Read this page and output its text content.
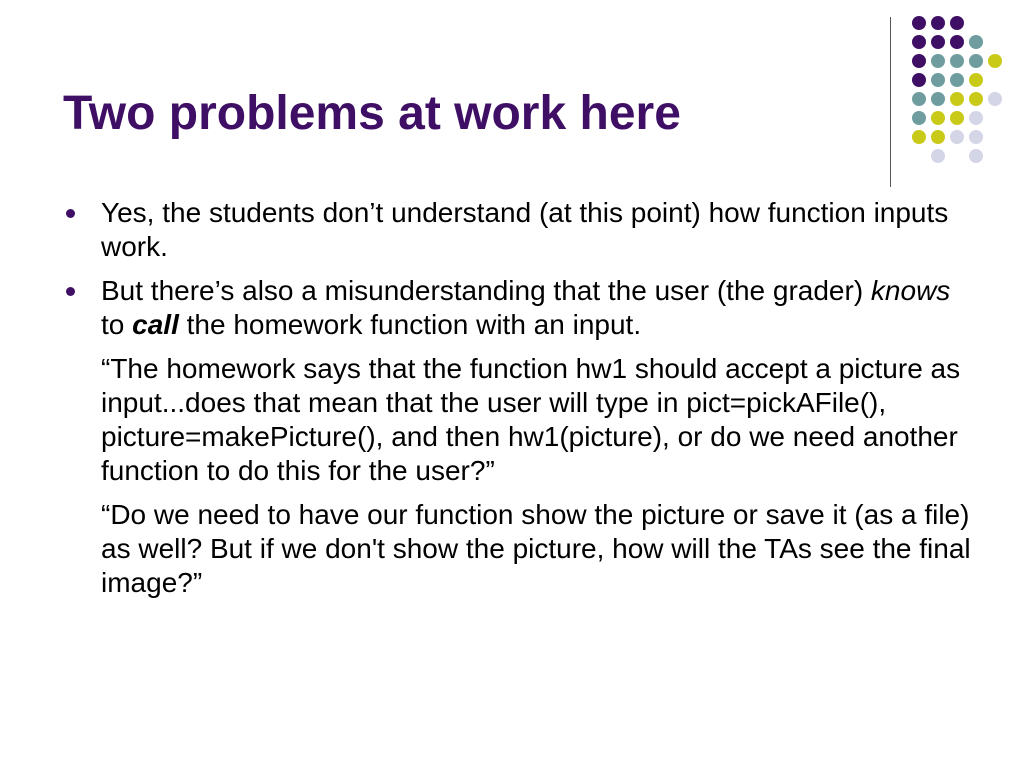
Two problems at work here

Yes, the students don’t understand (at this point) how function inputs work.

But there’s also a misunderstanding that the user (the grader) knows to call the homework function with an input.

“The homework says that the function hw1 should accept a picture as input...does that mean that the user will type in pict=pickAFile(), picture=makePicture(), and then hw1(picture), or do we need another function to do this for the user?”

“Do we need to have our function show the picture or save it (as a file) as well? But if we don't show the picture, how will the TAs see the final image?”
